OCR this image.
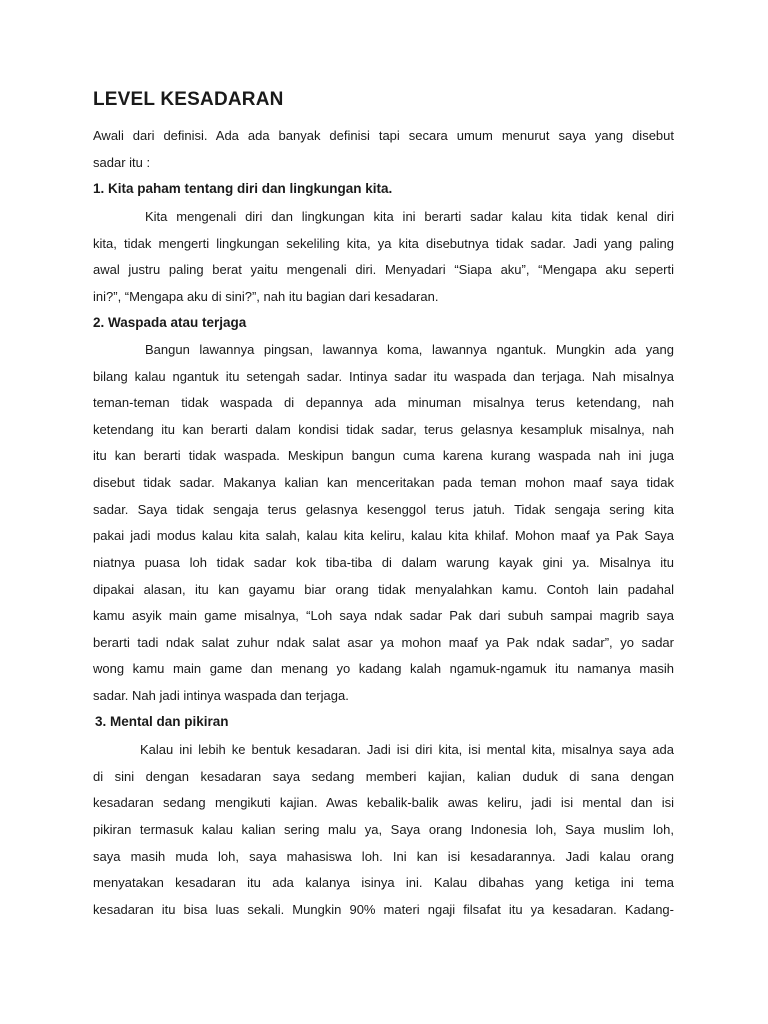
LEVEL KESADARAN
Awali dari definisi. Ada ada banyak definisi tapi secara umum menurut saya yang disebut
sadar itu :
1. Kita paham tentang diri dan lingkungan kita.
Kita mengenali diri dan lingkungan kita ini berarti sadar kalau kita tidak kenal diri
kita, tidak mengerti lingkungan sekeliling kita, ya kita disebutnya tidak sadar. Jadi yang paling
awal justru paling berat yaitu mengenali diri. Menyadari “Siapa aku”, “Mengapa aku seperti
ini?”, “Mengapa aku di sini?”, nah itu bagian dari kesadaran.
2. Waspada atau terjaga
Bangun lawannya pingsan, lawannya koma, lawannya ngantuk. Mungkin ada yang
bilang kalau ngantuk itu setengah sadar. Intinya sadar itu waspada dan terjaga. Nah misalnya
teman-teman tidak waspada di depannya ada minuman misalnya terus ketendang, nah
ketendang itu kan berarti dalam kondisi tidak sadar, terus gelasnya kesampluk misalnya, nah
itu kan berarti tidak waspada. Meskipun bangun cuma karena kurang waspada nah ini juga
disebut tidak sadar. Makanya kalian kan menceritakan pada teman mohon maaf saya tidak
sadar. Saya tidak sengaja terus gelasnya kesenggol terus jatuh. Tidak sengaja sering kita
pakai jadi modus kalau kita salah, kalau kita keliru, kalau kita khilaf. Mohon maaf ya Pak Saya
niatnya puasa loh tidak sadar kok tiba-tiba di dalam warung kayak gini ya. Misalnya itu
dipakai alasan, itu kan gayamu biar orang tidak menyalahkan kamu. Contoh lain padahal
kamu asyik main game misalnya, “Loh saya ndak sadar Pak dari subuh sampai magrib saya
berarti tadi ndak salat zuhur ndak salat asar ya mohon maaf ya Pak ndak sadar”, yo sadar
wong kamu main game dan menang yo kadang kalah ngamuk-ngamuk itu namanya masih
sadar. Nah jadi intinya waspada dan terjaga.
3. Mental dan pikiran
Kalau ini lebih ke bentuk kesadaran. Jadi isi diri kita, isi mental kita, misalnya saya ada
di sini dengan kesadaran saya sedang memberi kajian, kalian duduk di sana dengan
kesadaran sedang mengikuti kajian. Awas kebalik-balik awas keliru, jadi isi mental dan isi
pikiran termasuk kalau kalian sering malu ya, Saya orang Indonesia loh, Saya muslim loh,
saya masih muda loh, saya mahasiswa loh. Ini kan isi kesadarannya. Jadi kalau orang
menyatakan kesadaran itu ada kalanya isinya ini. Kalau dibahas yang ketiga ini tema
kesadaran itu bisa luas sekali. Mungkin 90% materi ngaji filsafat itu ya kesadaran. Kadang-
